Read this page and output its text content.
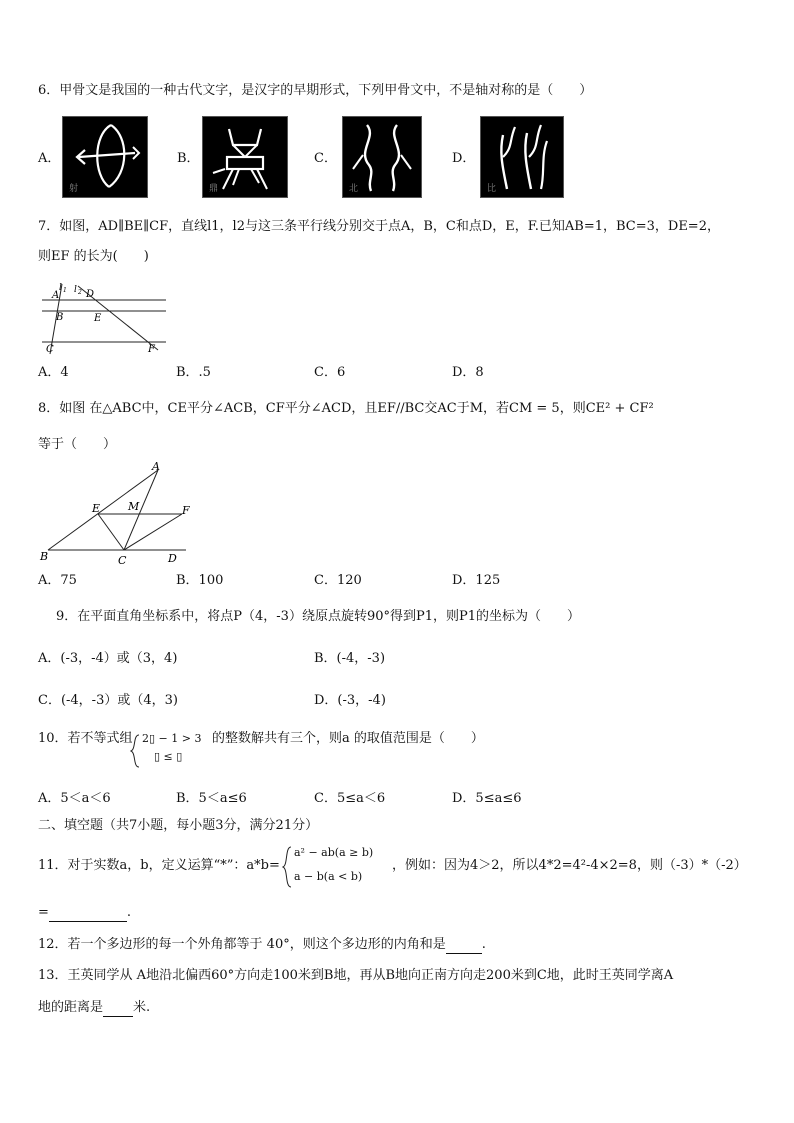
6．甲骨文是我国的一种古代文字，是汉字的早期形式，下列甲骨文中，不是轴对称的是（　　）
A．
射
B．
鼎
C．
北
D．
比
7．如图，AD∥BE∥CF，直线l1，l2与这三条平行线分别交于点A，B，C和点D，E，F.已知AB=1，BC=3，DE=2，
则EF 的长为(　　)
l 1 l 2
A	D
B	E
C	F
A．4	B．.5	C．6	D．8
8．如图 在△ABC中，CE平分∠ACB，CF平分∠ACD，且EF//BC交AC于M，若CM = 5，则CE² + CF²
等于（　　）
A
B	C	D
E	F
M
A．75	B．100	C．120	D．125
9．在平面直角坐标系中，将点P（4，-3）绕原点旋转90°得到P1，则P1的坐标为（　　）
A．(-3，-4）或（3，4)	B．(-4，-3)
C．(-4，-3）或（4，3)	D．(-3，-4)
10．若不等式组 2▯ − 1 > 3
▯ ≤ ▯
的整数解共有三个，则a 的取值范围是（　　）
A．5＜a＜6	B．5＜a≤6	C．5≤a＜6	D．5≤a≤6
二、填空题（共7小题，每小题3分，满分21分）
11．对于实数a，b，定义运算“*”：a*b=
a² − ab(a ≥ b)
a − b(a < b)
，例如：因为4＞2，所以4*2=4²-4×2=8，则（-3）*（-2）
=	.
12．若一个多边形的每一个外角都等于 40°，则这个多边形的内角和是	.
13．王英同学从 A地沿北偏西60°方向走100米到B地，再从B地向正南方向走200米到C地，此时王英同学离A
地的距离是 米.
